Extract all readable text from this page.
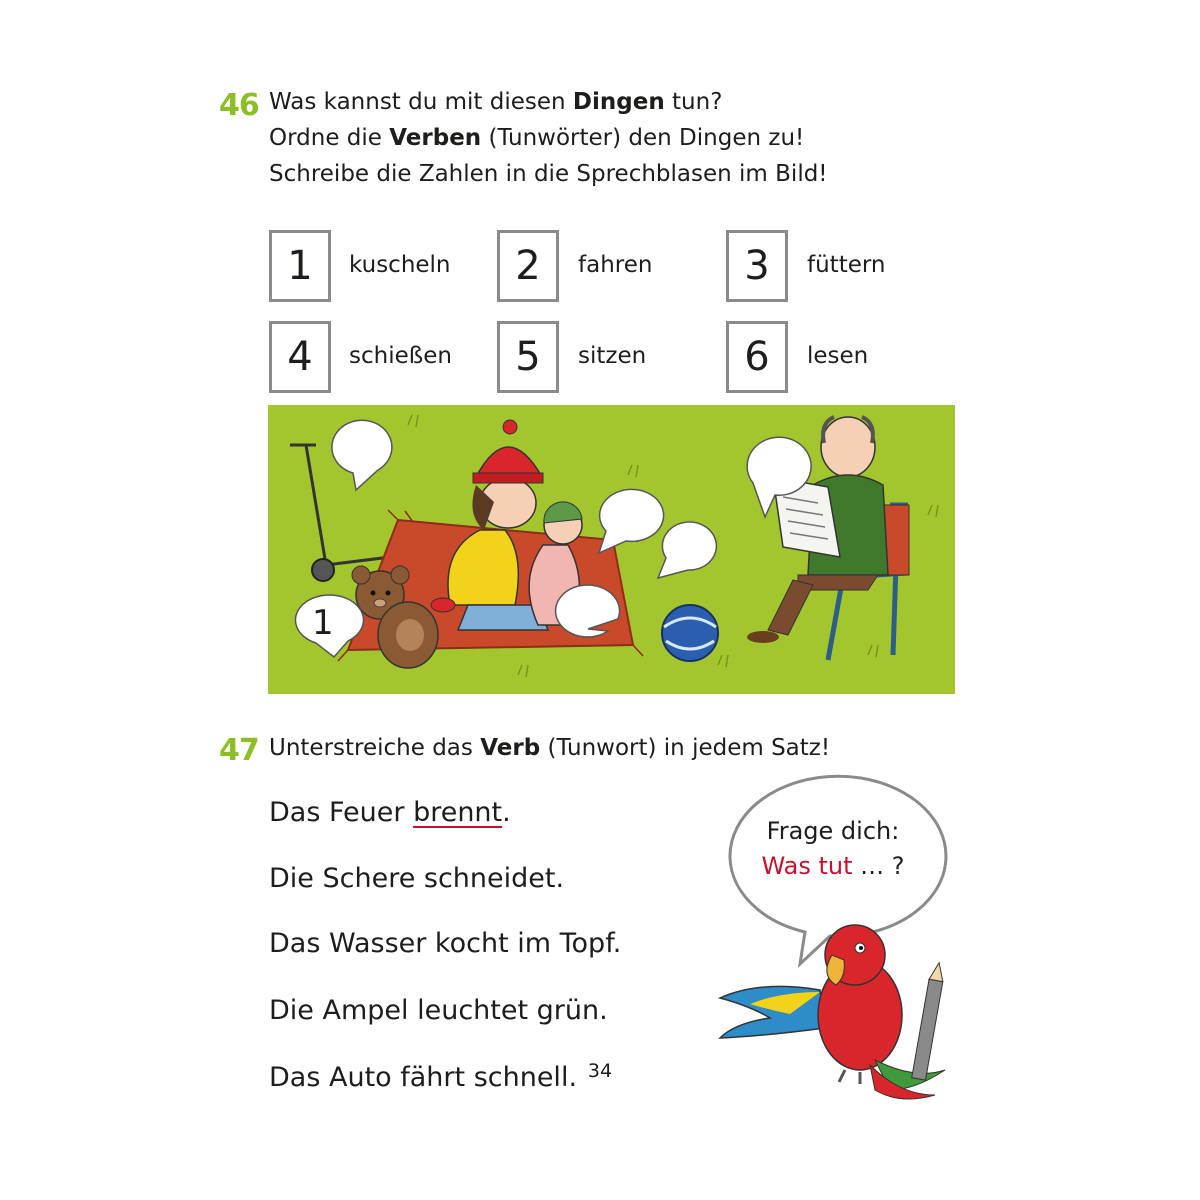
46 Was kannst du mit diesen Dingen tun?
Ordne die Verben (Tunwörter) den Dingen zu!
Schreibe die Zahlen in die Sprechblasen im Bild!
1	kuscheln	2	fahren	3	füttern
4	schießen	5	sitzen	6	lesen
1
47 Unterstreiche das Verb (Tunwort) in jedem Satz!
Das Feuer brennt.
Die Schere schneidet.
Das Wasser kocht im Topf.
Die Ampel leuchtet grün.
Das Auto fährt schnell.
Frage dich:
Was tut … ?
34
